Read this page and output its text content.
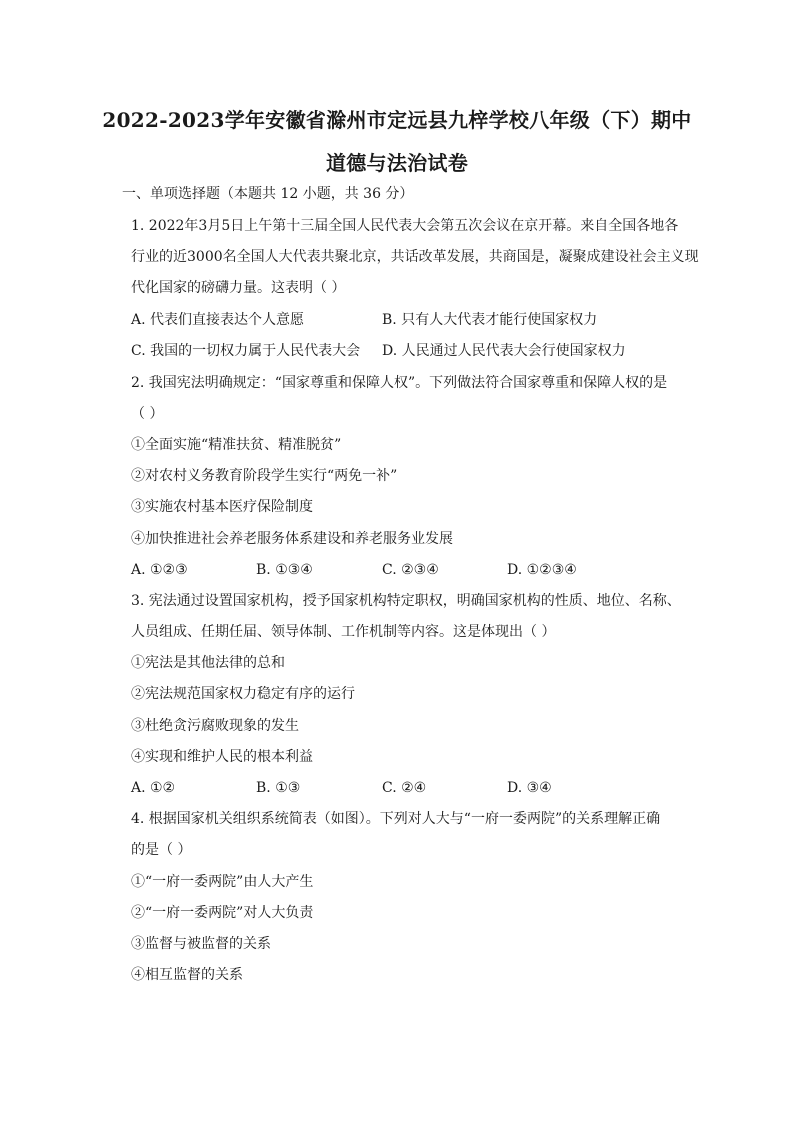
2022-2023学年安徽省滁州市定远县九梓学校八年级（下）期中
道德与法治试卷
一、单项选择题（本题共 12 小题，共 36 分）
1. 2022年3月5日上午第十三届全国人民代表大会第五次会议在京开幕。来自全国各地各
行业的近3000名全国人大代表共聚北京，共话改革发展，共商国是，凝聚成建设社会主义现
代化国家的磅礴力量。这表明（ ）
A. 代表们直接表达个人意愿	B. 只有人大代表才能行使国家权力
C. 我国的一切权力属于人民代表大会 D. 人民通过人民代表大会行使国家权力
2. 我国宪法明确规定：“国家尊重和保障人权”。下列做法符合国家尊重和保障人权的是
（ ）
①全面实施“精准扶贫、精准脱贫”
②对农村义务教育阶段学生实行“两免一补”
③实施农村基本医疗保险制度
④加快推进社会养老服务体系建设和养老服务业发展
A. ①②③	B. ①③④	C. ②③④	D. ①②③④
3. 宪法通过设置国家机构，授予国家机构特定职权，明确国家机构的性质、地位、名称、
人员组成、任期任届、领导体制、工作机制等内容。这是体现出（ ）
①宪法是其他法律的总和
②宪法规范国家权力稳定有序的运行
③杜绝贪污腐败现象的发生
④实现和维护人民的根本利益
A. ①②	B. ①③	C. ②④	D. ③④
4. 根据国家机关组织系统简表（如图）。下列对人大与“一府一委两院”的关系理解正确
的是（ ）
①“一府一委两院”由人大产生
②“一府一委两院”对人大负责
③监督与被监督的关系
④相互监督的关系
